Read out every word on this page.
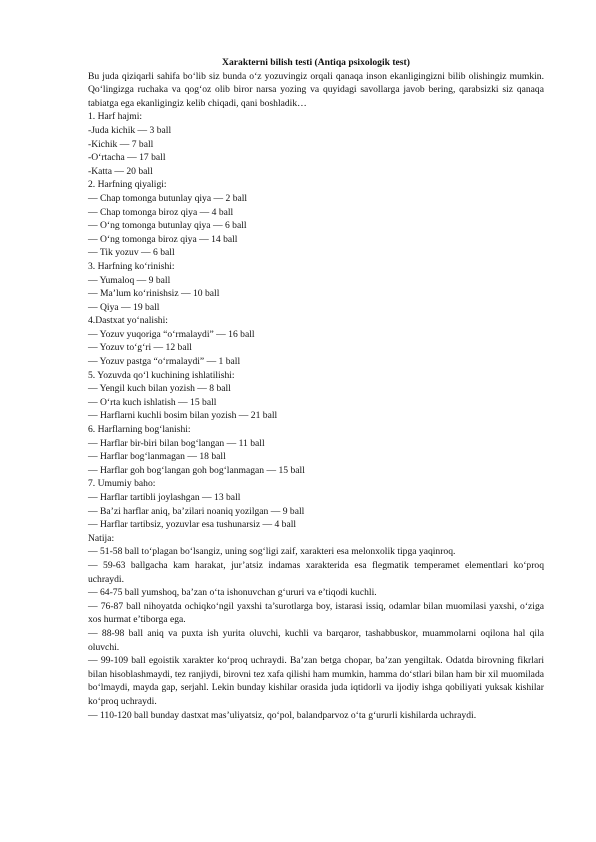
Xarakterni bilish testi (Antiqa psixologik test)

Bu juda qiziqarli sahifa bo‘lib siz bunda o‘z yozuvingiz orqali qanaqa inson ekanligingizni bilib olishingiz mumkin. Qo‘lingizga ruchaka va qog‘oz olib biror narsa yozing va quyidagi savollarga javob bering, qarabsizki siz qanaqa tabiatga ega ekanligingiz kelib chiqadi, qani boshladik…

1. Harf hajmi:

-Juda kichik — 3 ball

-Kichik — 7 ball

-O‘rtacha — 17 ball

-Katta — 20 ball

2. Harfning qiyaligi:

— Chap tomonga butunlay qiya — 2 ball

— Chap tomonga biroz qiya — 4 ball

— O‘ng tomonga butunlay qiya — 6 ball

— O‘ng tomonga biroz qiya — 14 ball

— Tik yozuv — 6 ball

3. Harfning ko‘rinishi:

— Yumaloq — 9 ball

— Ma’lum ko‘rinishsiz — 10 ball

— Qiya — 19 ball

4.Dastxat yo‘nalishi:

— Yozuv yuqoriga “o‘rmalaydi” — 16 ball

— Yozuv to‘g‘ri — 12 ball

— Yozuv pastga “o‘rmalaydi” — 1 ball

5. Yozuvda qo‘l kuchining ishlatilishi:

— Yengil kuch bilan yozish — 8 ball

— O‘rta kuch ishlatish — 15 ball

— Harflarni kuchli bosim bilan yozish — 21 ball

6. Harflarning bog‘lanishi:

— Harflar bir-biri bilan bog‘langan — 11 ball

— Harflar bog‘lanmagan — 18 ball

— Harflar goh bog‘langan goh bog‘lanmagan — 15 ball

7. Umumiy baho:

— Harflar tartibli joylashgan — 13 ball

— Ba’zi harflar aniq, ba’zilari noaniq yozilgan — 9 ball

— Harflar tartibsiz, yozuvlar esa tushunarsiz — 4 ball

Natija:

— 51-58 ball to‘plagan bo‘lsangiz, uning sog‘ligi zaif, xarakteri esa melonxolik tipga yaqinroq.

— 59-63 ballgacha kam harakat, jur’atsiz indamas xarakterida esa flegmatik temperamet elementlari ko‘proq uchraydi.

— 64-75 ball yumshoq, ba’zan o‘ta ishonuvchan g‘ururi va e’tiqodi kuchli.

— 76-87 ball nihoyatda ochiqko‘ngil yaxshi ta’surotlarga boy, istarasi issiq, odamlar bilan muomilasi yaxshi, o‘ziga xos hurmat e’tiborga ega.

— 88-98 ball aniq va puxta ish yurita oluvchi, kuchli va barqaror, tashabbuskor, muammolarni oqilona hal qila oluvchi.

— 99-109 ball egoistik xarakter ko‘proq uchraydi. Ba’zan betga chopar, ba’zan yengiltak. Odatda birovning fikrlari bilan hisoblashmaydi, tez ranjiydi, birovni tez xafa qilishi ham mumkin, hamma do‘stlari bilan ham bir xil muomilada bo‘lmaydi, mayda gap, serjahl. Lekin bunday kishilar orasida juda iqtidorli va ijodiy ishga qobiliyati yuksak kishilar ko‘proq uchraydi.

— 110-120 ball bunday dastxat mas’uliyatsiz, qo‘pol, balandparvoz o‘ta g‘ururli kishilarda uchraydi.
